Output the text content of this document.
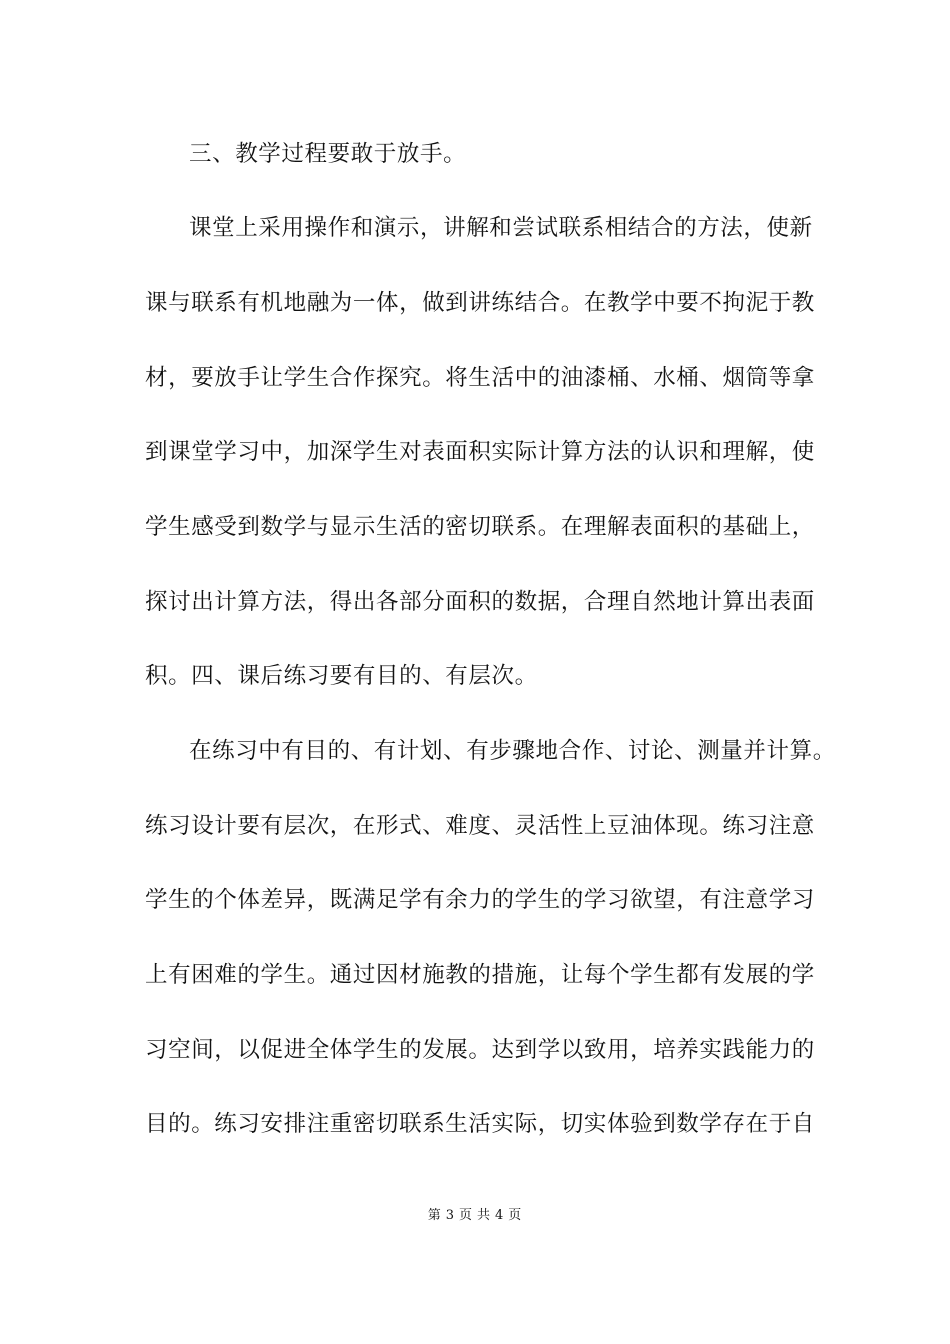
三、教学过程要敢于放手。
课堂上采用操作和演示，讲解和尝试联系相结合的方法，使新
课与联系有机地融为一体，做到讲练结合。在教学中要不拘泥于教
材，要放手让学生合作探究。将生活中的油漆桶、水桶、烟筒等拿
到课堂学习中，加深学生对表面积实际计算方法的认识和理解，使
学生感受到数学与显示生活的密切联系。在理解表面积的基础上，
探讨出计算方法，得出各部分面积的数据，合理自然地计算出表面
积。四、课后练习要有目的、有层次。
在练习中有目的、有计划、有步骤地合作、讨论、测量并计算。
练习设计要有层次，在形式、难度、灵活性上豆油体现。练习注意
学生的个体差异，既满足学有余力的学生的学习欲望，有注意学习
上有困难的学生。通过因材施教的措施，让每个学生都有发展的学
习空间，以促进全体学生的发展。达到学以致用，培养实践能力的
目的。练习安排注重密切联系生活实际，切实体验到数学存在于自
第 3 页 共 4 页
